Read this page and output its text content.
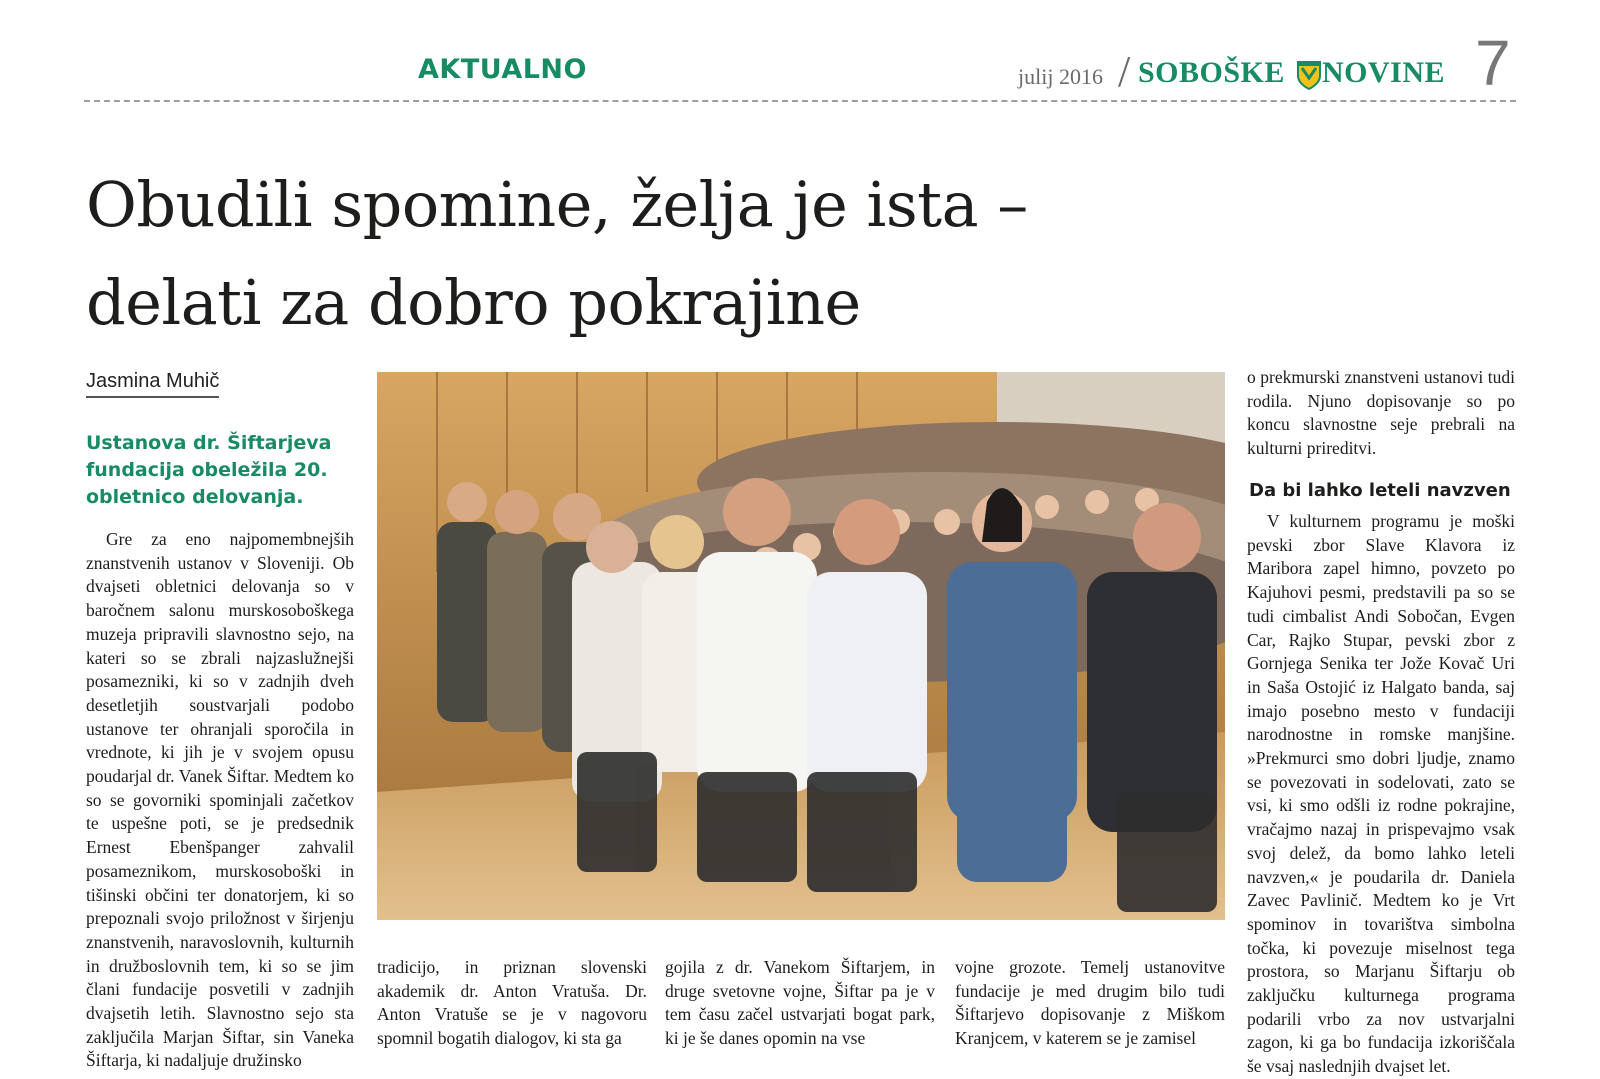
AKTUALNO	julij 2016 / SOBOŠKE NOVINE 7
Obudili spomine, želja je ista –
delati za dobro pokrajine
Jasmina Muhič

Ustanova dr. Šiftarjeva fundacija obeležila 20. obletnico delovanja.

Gre za eno najpomembnejših znanstvenih ustanov v Sloveniji. Ob dvajseti obletnici delovanja so v baročnem salonu murskosoboškega muzeja pripravili slavnostno sejo, na kateri so se zbrali najzaslužnejši posamezniki, ki so v zadnjih dveh desetletjih soustvarjali podobo ustanove ter ohranjali sporočila in vrednote, ki jih je v svojem opusu poudarjal dr. Vanek Šiftar. Medtem ko so se govorniki spominjali začetkov te uspešne poti, se je predsednik Ernest Ebenšpanger zahvalil posameznikom, murskosoboški in tišinski občini ter donatorjem, ki so prepoznali svojo priložnost v širjenju znanstvenih, naravoslovnih, kulturnih in družboslovnih tem, ki so se jim člani fundacije posvetili v zadnjih dvajsetih letih. Slavnostno sejo sta zaključila Marjan Šiftar, sin Vaneka Šiftarja, ki nadaljuje družinsko

tradicijo, in priznan slovenski akademik dr. Anton Vratuša. Dr. Anton Vratuše se je v nagovoru spomnil bogatih dialogov, ki sta ga

gojila z dr. Vanekom Šiftarjem, in druge svetovne vojne, Šiftar pa je v tem času začel ustvarjati bogat park, ki je še danes opomin na vse

vojne grozote. Temelj ustanovitve fundacije je med drugim bilo tudi Šiftarjevo dopisovanje z Miškom Kranjcem, v katerem se je zamisel

o prekmurski znanstveni ustanovi tudi rodila. Njuno dopisovanje so po koncu slavnostne seje prebrali na kulturni prireditvi.

Da bi lahko leteli navzven

V kulturnem programu je moški pevski zbor Slave Klavora iz Maribora zapel himno, povzeto po Kajuhovi pesmi, predstavili pa so se tudi cimbalist Andi Sobočan, Evgen Car, Rajko Stupar, pevski zbor z Gornjega Senika ter Jože Kovač Uri in Saša Ostojić iz Halgato banda, saj imajo posebno mesto v fundaciji narodnostne in romske manjšine. »Prekmurci smo dobri ljudje, znamo se povezovati in sodelovati, zato se vsi, ki smo odšli iz rodne pokrajine, vračajmo nazaj in prispevajmo vsak svoj delež, da bomo lahko leteli navzven,« je poudarila dr. Daniela Zavec Pavlinič. Medtem ko je Vrt spominov in tovarištva simbolna točka, ki povezuje miselnost tega prostora, so Marjanu Šiftarju ob zaključku kulturnega programa podarili vrbo za nov ustvarjalni zagon, ki ga bo fundacija izkoriščala še vsaj naslednjih dvajset let.
